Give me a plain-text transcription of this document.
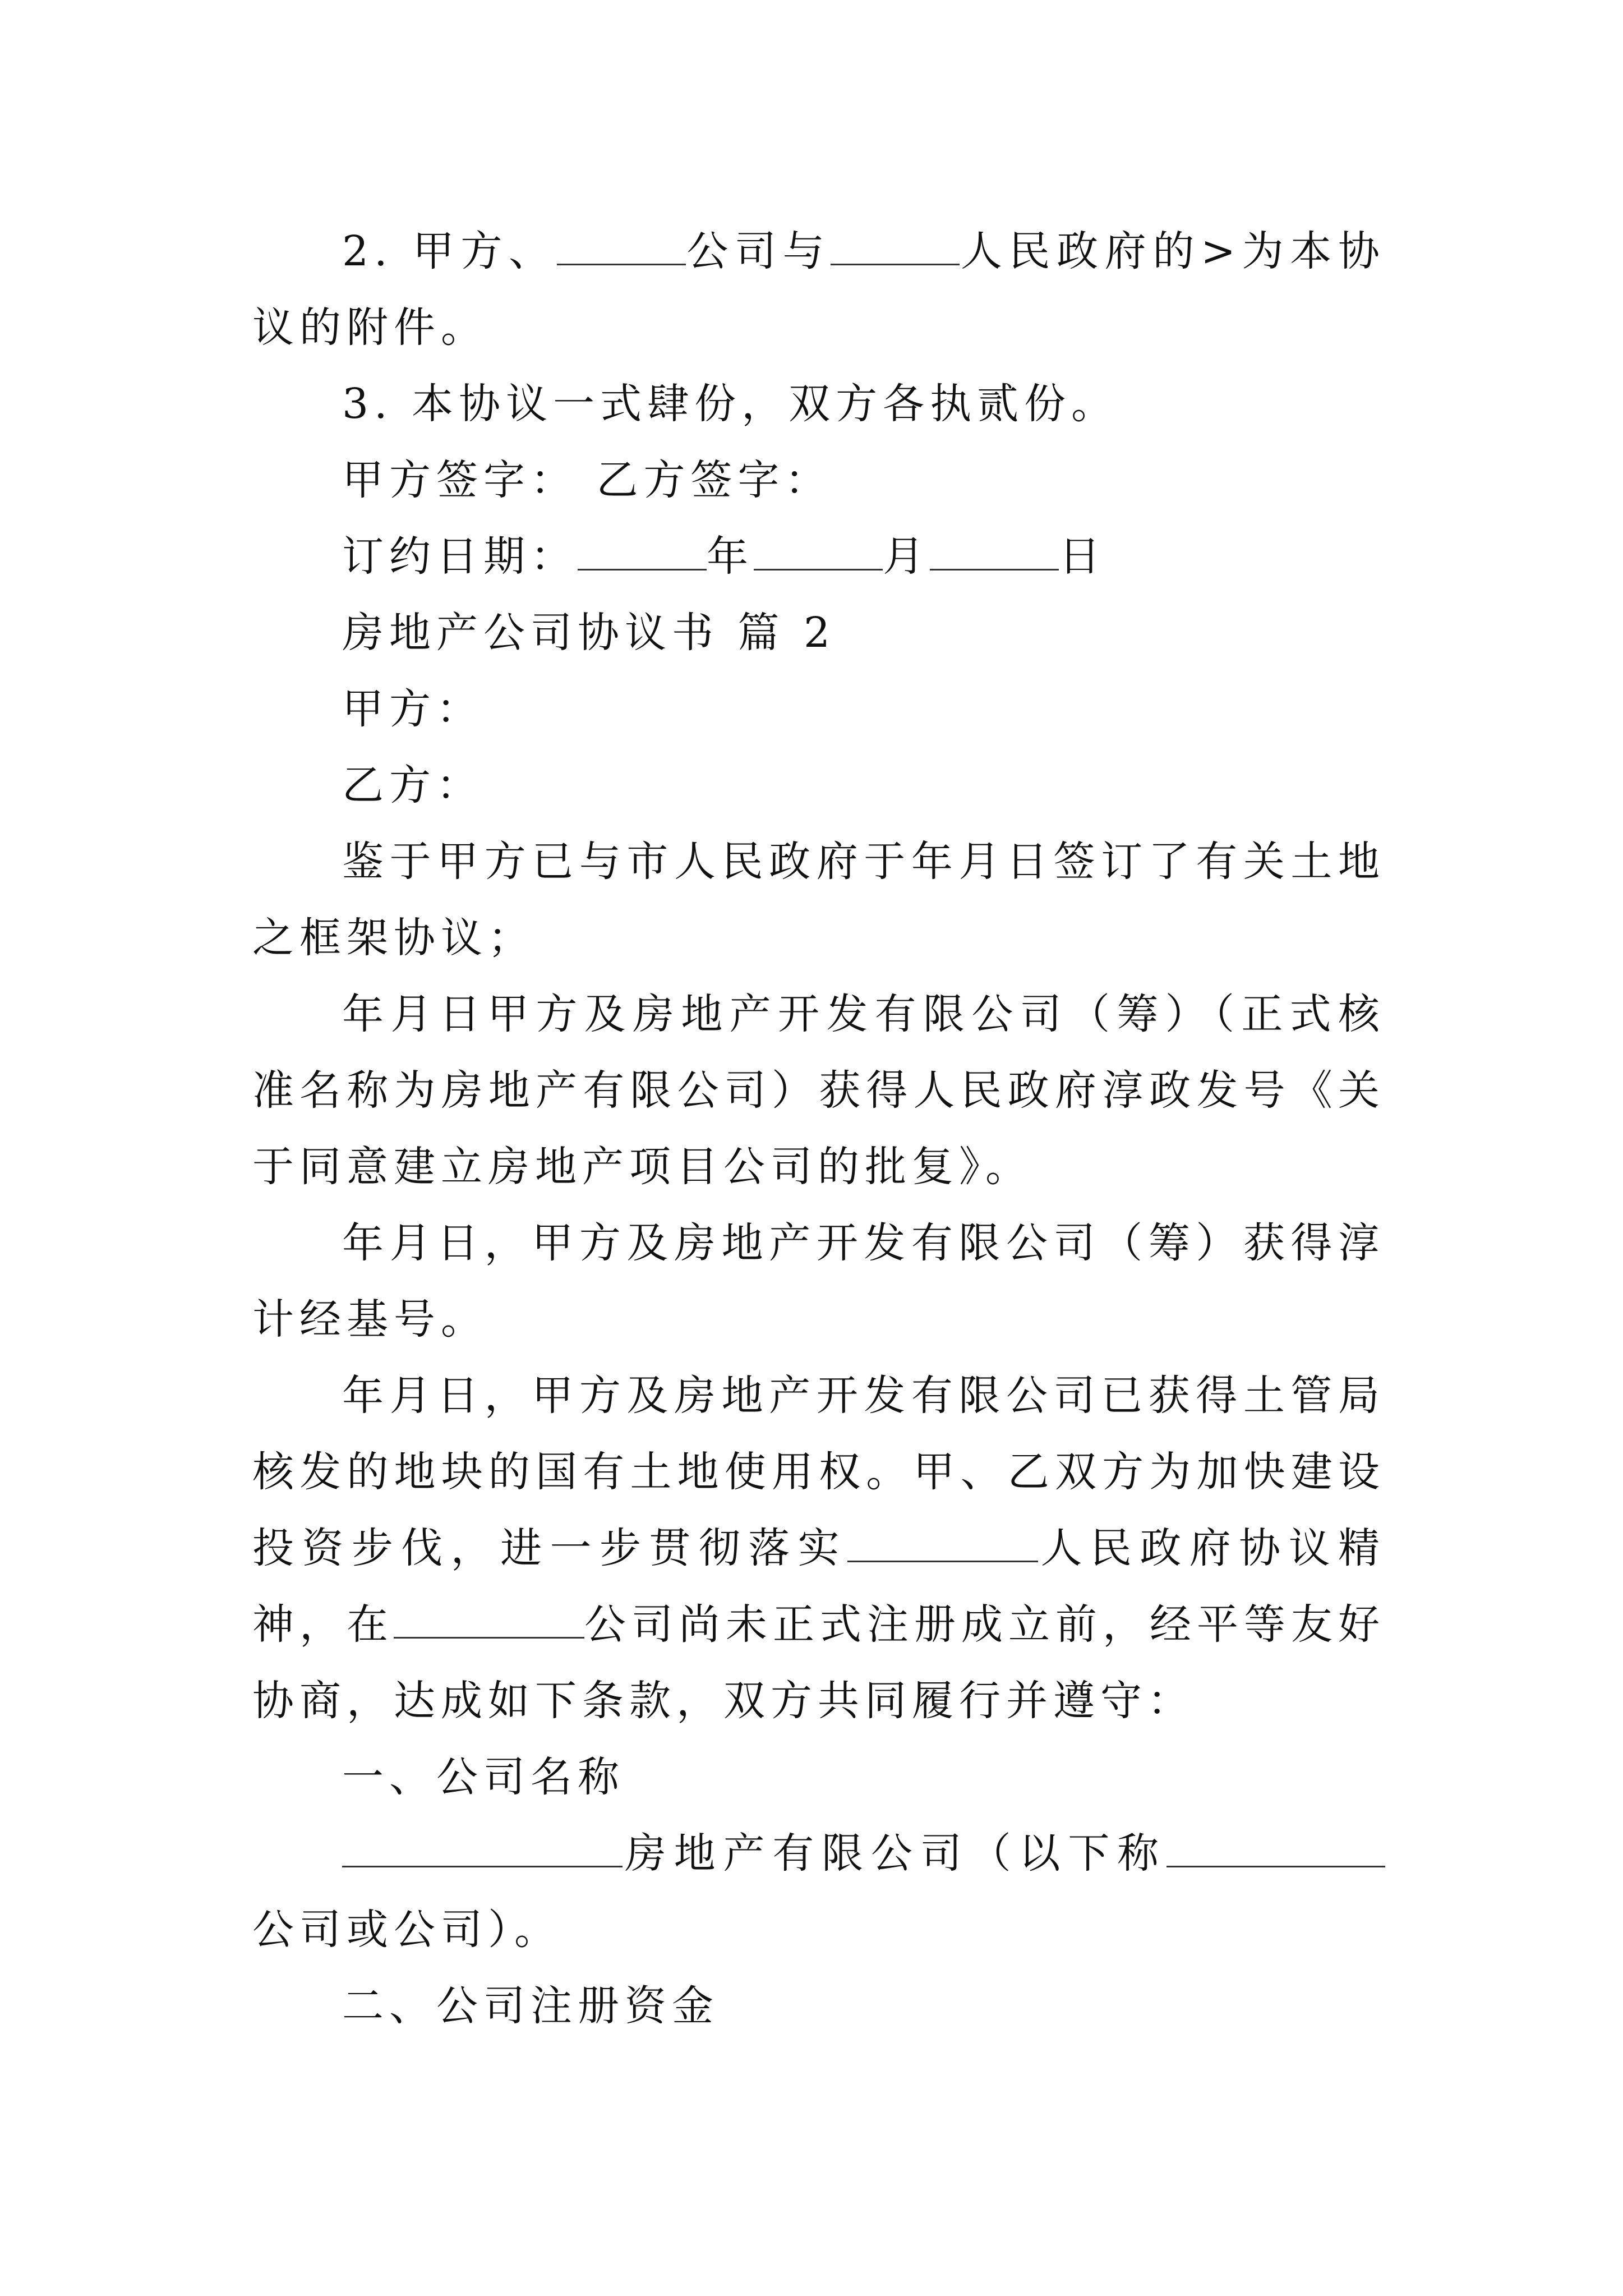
2. 甲方、	公司与	人民政府的>为本协议的附件。

3. 本协议一式肆份，双方各执贰份。

甲方签字： 乙方签字：

订约日期：	年	月	日

房地产公司协议书 篇 2

甲方：

乙方：

鉴于甲方已与市人民政府于年月日签订了有关土地之框架协议；

年月日甲方及房地产开发有限公司（筹）（正式核准名称为房地产有限公司）获得人民政府淳政发号《关于同意建立房地产项目公司的批复》。

年月日，甲方及房地产开发有限公司（筹）获得淳计经基号。

年月日，甲方及房地产开发有限公司已获得土管局核发的地块的国有土地使用权。甲、乙双方为加快建设投资步伐，进一步贯彻落实	人民政府协议精神，在	公司尚未正式注册成立前，经平等友好协商，达成如下条款，双方共同履行并遵守：

一、公司名称

房地产有限公司（以下称公司或公司）。

二、公司注册资金
